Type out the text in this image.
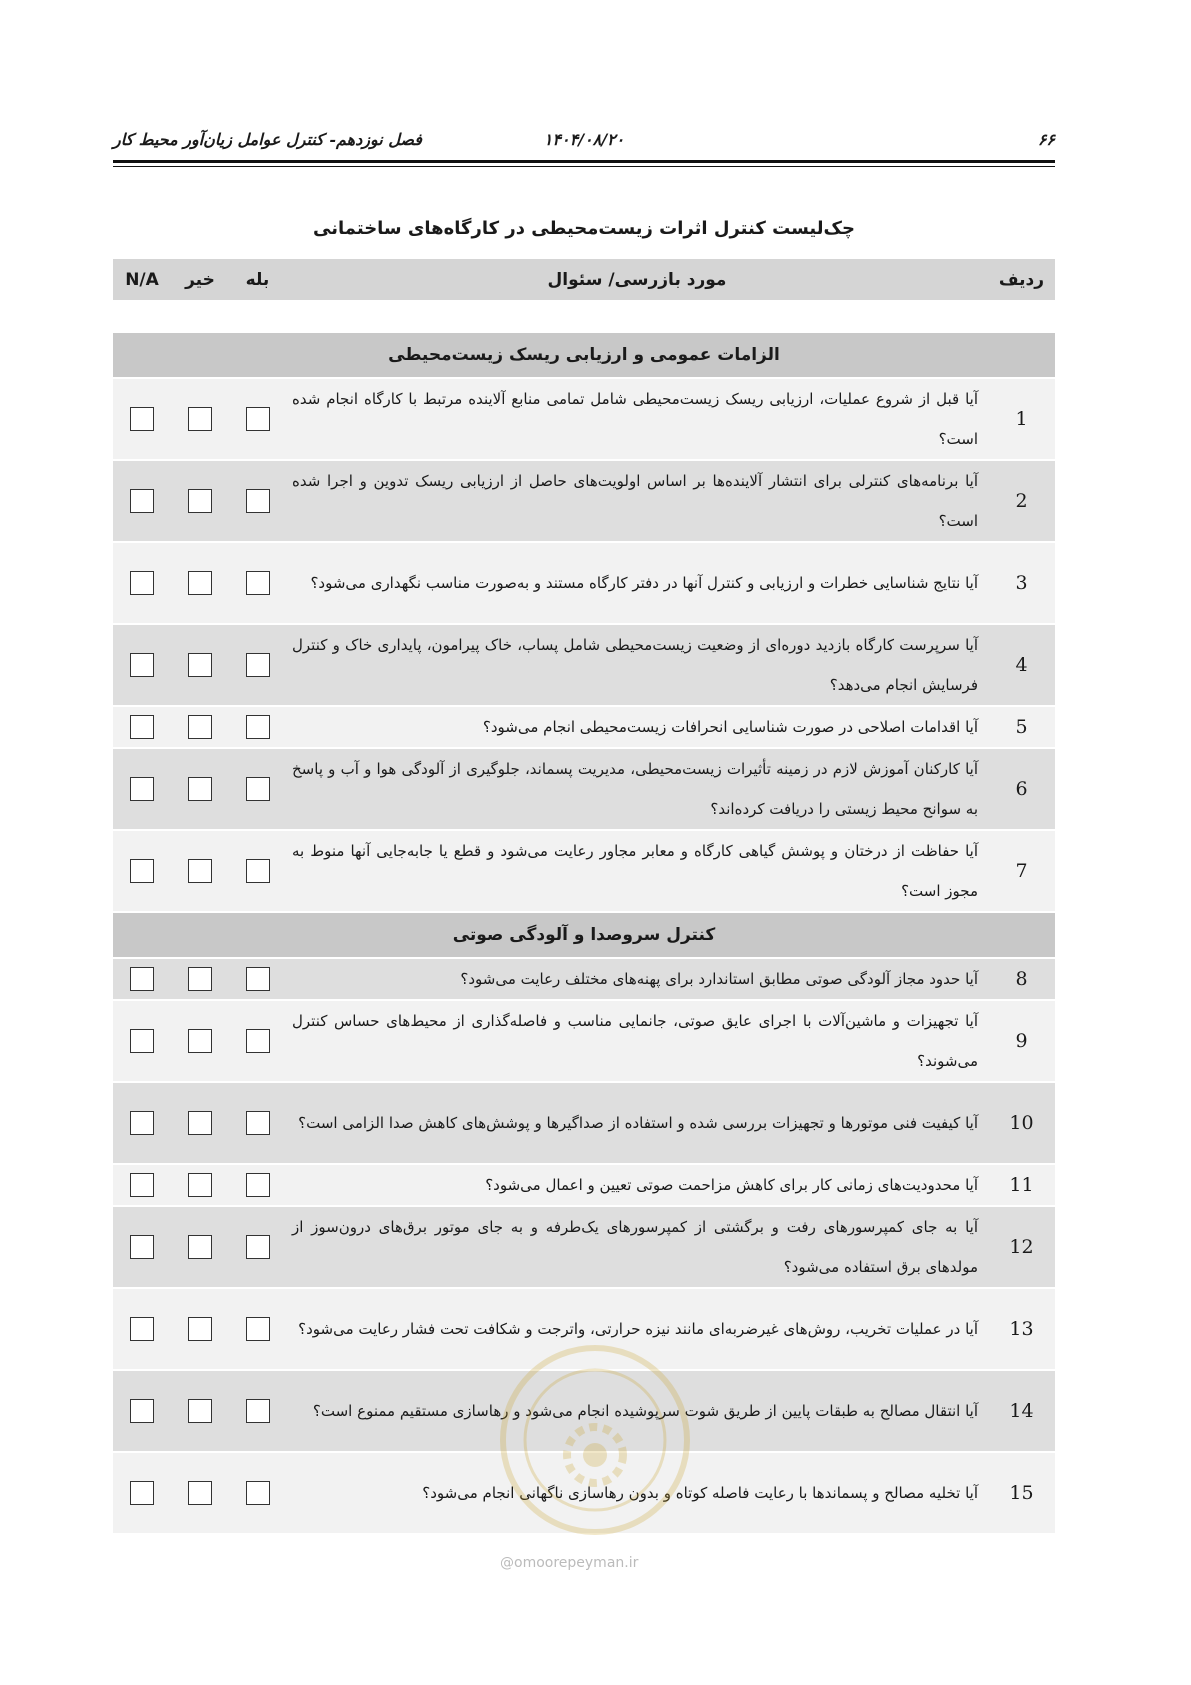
۶۶
۱۴۰۴/۰۸/۲۰
فصل نوزدهم- کنترل عوامل زیان‌آور محیط کار
چک‌لیست کنترل اثرات زیست‌محیطی در کارگاه‌های ساختمانی
N/A	خیر	بله	مورد بازرسی/ سئوال	ردیف
الزامات عمومی و ارزیابی ریسک زیست‌محیطی				
			آیا قبل از شروع عملیات، ارزیابی ریسک زیست‌محیطی شامل تمامی منابع آلاینده مرتبط با کارگاه انجام شده است؟	1
			آیا برنامه‌های کنترلی برای انتشار آلاینده‌ها بر اساس اولویت‌های حاصل از ارزیابی ریسک تدوین و اجرا شده است؟	2
			آیا نتایج شناسایی خطرات و ارزیابی و کنترل آنها در دفتر کارگاه مستند و به‌صورت مناسب نگهداری می‌شود؟	3
			آیا سرپرست کارگاه بازدید دوره‌ای از وضعیت زیست‌محیطی شامل پساب، خاک پیرامون، پایداری خاک و کنترل فرسایش انجام می‌دهد؟	4
			آیا اقدامات اصلاحی در صورت شناسایی انحرافات زیست‌محیطی انجام می‌شود؟	5
			آیا کارکنان آموزش لازم در زمینه تأثیرات زیست‌محیطی، مدیریت پسماند، جلوگیری از آلودگی هوا و آب و پاسخ به سوانح محیط زیستی را دریافت کرده‌اند؟	6
			آیا حفاظت از درختان و پوشش گیاهی کارگاه و معابر مجاور رعایت می‌شود و قطع یا جابه‌جایی آنها منوط به مجوز است؟	7
کنترل سروصدا و آلودگی صوتی				
			آیا حدود مجاز آلودگی صوتی مطابق استاندارد برای پهنه‌های مختلف رعایت می‌شود؟	8
			آیا تجهیزات و ماشین‌آلات با اجرای عایق صوتی، جانمایی مناسب و فاصله‌گذاری از محیط‌های حساس کنترل می‌شوند؟	9
			آیا کیفیت فنی موتورها و تجهیزات بررسی شده و استفاده از صداگیرها و پوشش‌های کاهش صدا الزامی است؟	10
			آیا محدودیت‌های زمانی کار برای کاهش مزاحمت صوتی تعیین و اعمال می‌شود؟	11
			آیا به جای کمپرسورهای رفت و برگشتی از کمپرسورهای یک‌طرفه و به جای موتور برق‌های درون‌سوز از مولدهای برق استفاده می‌شود؟	12
			آیا در عملیات تخریب، روش‌های غیرضربه‌ای مانند نیزه حرارتی، واترجت و شکافت تحت فشار رعایت می‌شود؟	13
			آیا انتقال مصالح به طبقات پایین از طریق شوت سرپوشیده انجام می‌شود و رهاسازی مستقیم ممنوع است؟	14
			آیا تخلیه مصالح و پسماندها با رعایت فاصله کوتاه و بدون رهاسازی ناگهانی انجام می‌شود؟	15
@omoorepeyman.ir
